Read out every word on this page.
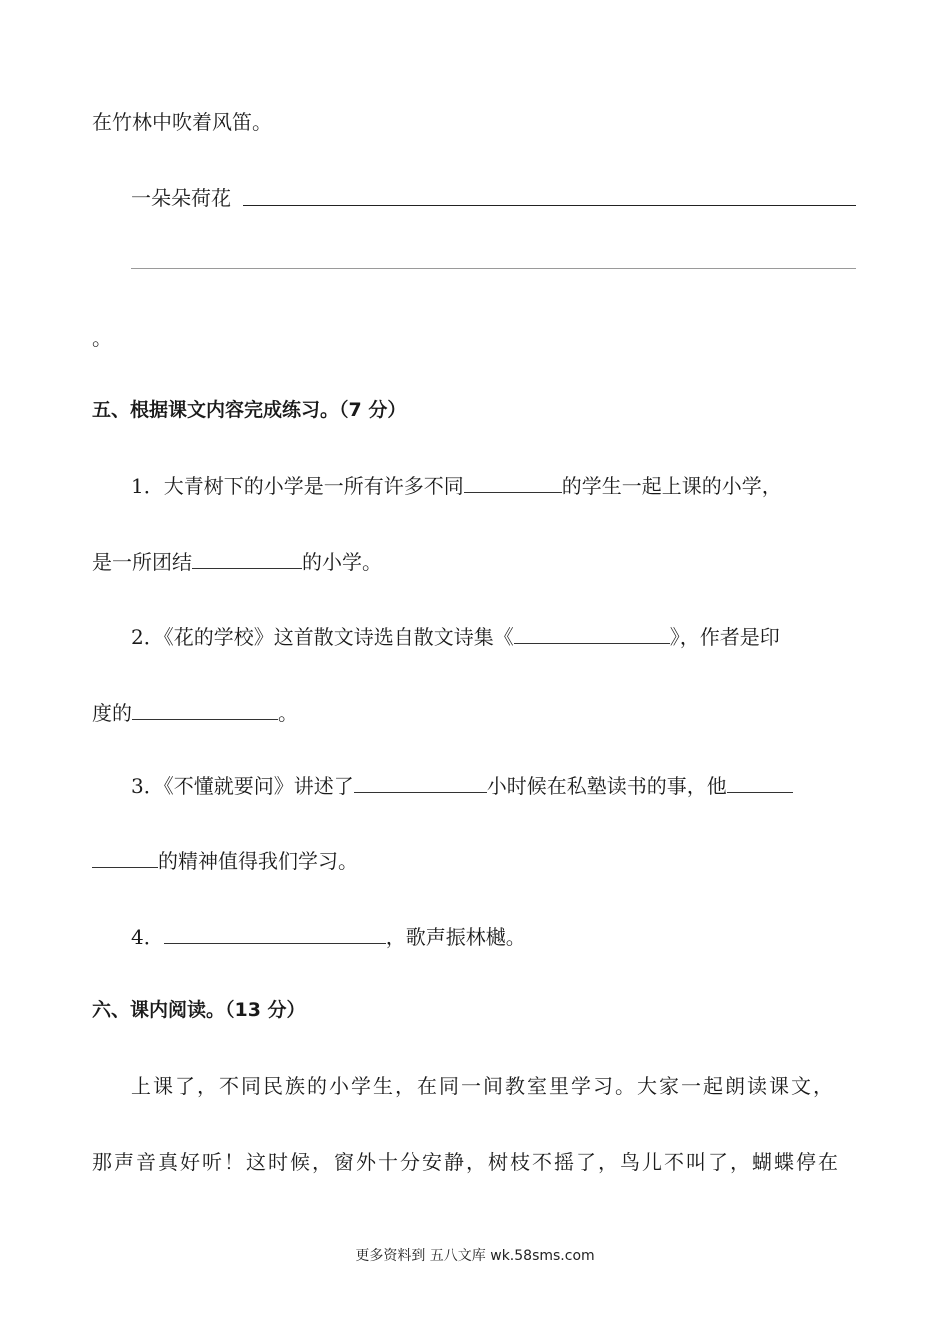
在竹林中吹着风笛。
一朵朵荷花
。
五、根据课文内容完成练习。（7 分）
1．大青树下的小学是一所有许多不同	的学生一起上课的小学，
是一所团结	的小学。
2．《花的学校》这首散文诗选自散文诗集《	》，作者是印
度的	。
3．《不懂就要问》讲述了	小时候在私塾读书的事，他
的精神值得我们学习。
4．	，歌声振林樾。
六、课内阅读。（13 分）
上课了，不同民族的小学生，在同一间教室里学习。大家一起朗读课文，
那声音真好听！这时候，窗外十分安静，树枝不摇了，鸟儿不叫了，蝴蝶停在
更多资料到 五八文库 wk.58sms.com
